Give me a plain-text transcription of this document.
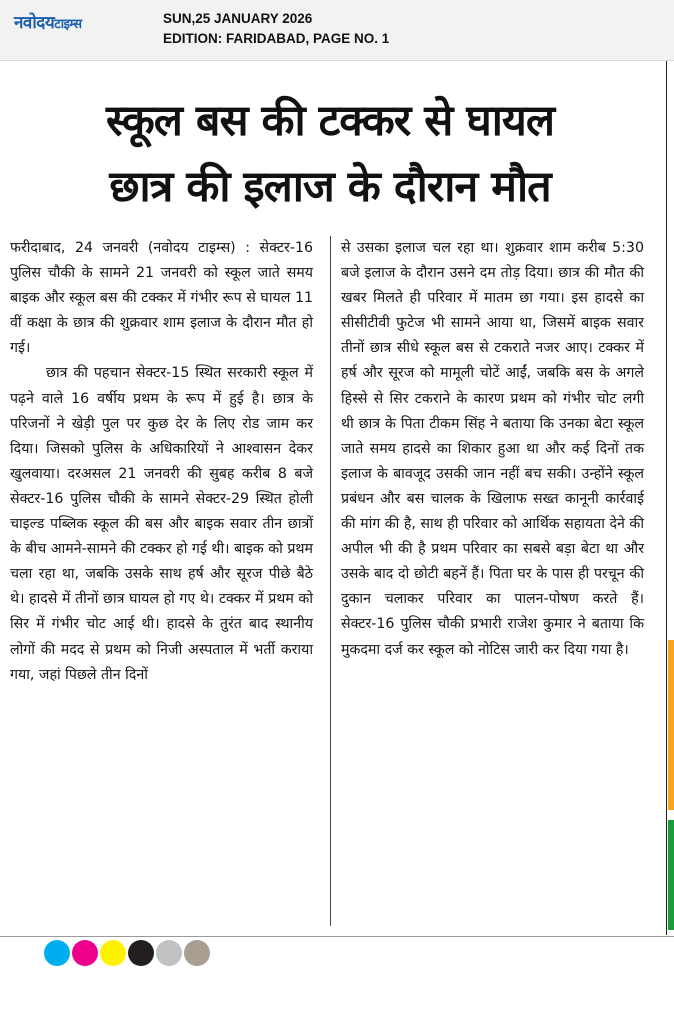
नवोदयटाइम्स	SUN,25 JANUARY 2026
EDITION: FARIDABAD, PAGE NO. 1
स्कूल बस की टक्कर से घायल
छात्र की इलाज के दौरान मौत

फरीदाबाद, 24 जनवरी (नवोदय टाइम्स) : सेक्टर-16 पुलिस चौकी के सामने 21 जनवरी को स्कूल जाते समय बाइक और स्कूल बस की टक्कर में गंभीर रूप से घायल 11 वीं कक्षा के छात्र की शुक्रवार शाम इलाज के दौरान मौत हो गई।

छात्र की पहचान सेक्टर-15 स्थित सरकारी स्कूल में पढ़ने वाले 16 वर्षीय प्रथम के रूप में हुई है। छात्र के परिजनों ने खेड़ी पुल पर कुछ देर के लिए रोड जाम कर दिया। जिसको पुलिस के अधिकारियों ने आश्वासन देकर खुलवाया। दरअसल 21 जनवरी की सुबह करीब 8 बजे सेक्टर-16 पुलिस चौकी के सामने सेक्टर-29 स्थित होली चाइल्ड पब्लिक स्कूल की बस और बाइक सवार तीन छात्रों के बीच आमने-सामने की टक्कर हो गई थी। बाइक को प्रथम चला रहा था, जबकि उसके साथ हर्ष और सूरज पीछे बैठे थे। हादसे में तीनों छात्र घायल हो गए थे। टक्कर में प्रथम को सिर में गंभीर चोट आई थी। हादसे के तुरंत बाद स्थानीय लोगों की मदद से प्रथम को निजी अस्पताल में भर्ती कराया गया, जहां पिछले तीन दिनों

से उसका इलाज चल रहा था। शुक्रवार शाम करीब 5:30 बजे इलाज के दौरान उसने दम तोड़ दिया। छात्र की मौत की खबर मिलते ही परिवार में मातम छा गया। इस हादसे का सीसीटीवी फुटेज भी सामने आया था, जिसमें बाइक सवार तीनों छात्र सीधे स्कूल बस से टकराते नजर आए। टक्कर में हर्ष और सूरज को मामूली चोटें आईं, जबकि बस के अगले हिस्से से सिर टकराने के कारण प्रथम को गंभीर चोट लगी थी छात्र के पिता टीकम सिंह ने बताया कि उनका बेटा स्कूल जाते समय हादसे का शिकार हुआ था और कई दिनों तक इलाज के बावजूद उसकी जान नहीं बच सकी। उन्होंने स्कूल प्रबंधन और बस चालक के खिलाफ सख्त कानूनी कार्रवाई की मांग की है, साथ ही परिवार को आर्थिक सहायता देने की अपील भी की है प्रथम परिवार का सबसे बड़ा बेटा था और उसके बाद दो छोटी बहनें हैं। पिता घर के पास ही परचून की दुकान चलाकर परिवार का पालन-पोषण करते हैं। सेक्टर-16 पुलिस चौकी प्रभारी राजेश कुमार ने बताया कि मुकदमा दर्ज कर स्कूल को नोटिस जारी कर दिया गया है।
